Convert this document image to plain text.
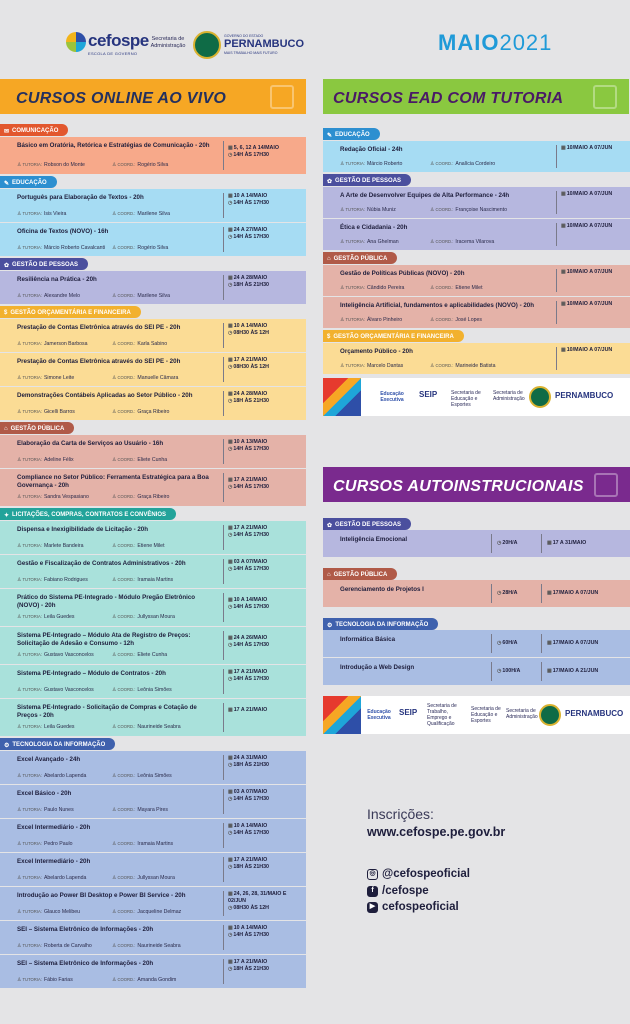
cefospe
ESCOLA DE GOVERNO
Secretaria de Administração
GOVERNO DO ESTADO
PERNAMBUCO
MAIS TRABALHO MAIS FUTURO	MAIO2021
CURSOS ONLINE AO VIVO	CURSOS EAD COM TUTORIA
CURSOS AUTOINSTRUCIONAIS
✉ COMUNICAÇÃO
Básico em Oratória, Retórica e Estratégias de Comunicação - 20h
♙TUTORIA: Robson do Monte	♙COORD.: Rogério Silva
▦5, 6, 12 A 14/MAIO
◷14H ÀS 17H30
✎ EDUCAÇÃO
Português para Elaboração de Textos - 20h
♙TUTORIA: Isis Vieira	♙COORD.: Marilene Silva
▦10 A 14/MAIO
◷14H ÀS 17H30
Oficina de Textos (NOVO) - 16h
♙TUTORIA: Márcio Roberto Cavalcanti ♙COORD.: Rogério Silva
▦24 A 27/MAIO
◷14H ÀS 17H30
✿ GESTÃO DE PESSOAS
Resiliência na Prática - 20h
♙TUTORIA: Alexandre Melo	♙COORD.: Marilene Silva
▦24 A 28/MAIO
◷18H ÀS 21H30
$ GESTÃO ORÇAMENTÁRIA E FINANCEIRA
Prestação de Contas Eletrônica através do SEI PE - 20h
♙TUTORIA: Jamerson Barbosa	♙COORD.: Karla Sabino
▦10 A 14/MAIO
◷08H30 ÀS 12H
Prestação de Contas Eletrônica através do SEI PE - 20h
♙TUTORIA: Simone Leite	♙COORD.: Manuelle Câmara
▦17 A 21/MAIO
◷08H30 ÀS 12H
Demonstrações Contábeis Aplicadas ao Setor Público - 20h
♙TUTORIA: Gicelli Barros	♙COORD.: Graça Ribeiro
▦24 A 28/MAIO
◷18H ÀS 21H30
⌂ GESTÃO PÚBLICA
Elaboração da Carta de Serviços ao Usuário - 16h
♙TUTORIA: Adeline Félix	♙COORD.: Eliete Cunha
▦10 A 13/MAIO
◷14H ÀS 17H30
Compliance no Setor Público: Ferramenta Estratégica para a Boa Governança - 20h
♙TUTORIA: Sandra Vespasiano	♙COORD.: Graça Ribeiro
▦17 A 21/MAIO
◷14H ÀS 17H30
✦ LICITAÇÕES, COMPRAS, CONTRATOS E CONVÊNIOS
Dispensa e Inexigibilidade de Licitação - 20h
♙TUTORIA: Marlete Bandeira	♙COORD.: Etiene Milet
▦17 A 21/MAIO
◷14H ÀS 17H30
Gestão e Fiscalização de Contratos Administrativos - 20h
♙TUTORIA: Fabiano Rodrigues	♙COORD.: Iramaia Martins
▦03 A 07/MAIO
◷14H ÀS 17H30
Prático do Sistema PE-Integrado - Módulo Pregão Eletrônico (NOVO) - 20h
♙TUTORIA: Leila Guedes	♙COORD.: Jullyssan Moura
▦10 A 14/MAIO
◷14H ÀS 17H30
Sistema PE-Integrado – Módulo Ata de Registro de Preços: Solicitação de Adesão e Consumo - 12h
♙TUTORIA: Gustavo Vasconcelos	♙COORD.: Eliete Cunha
▦24 A 26/MAIO
◷14H ÀS 17H30
Sistema PE-Integrado – Módulo de Contratos - 20h
♙TUTORIA: Gustavo Vasconcelos	♙COORD.: Leônia Simões
▦17 A 21/MAIO
◷14H ÀS 17H30
Sistema PE-Integrado - Solicitação de Compras e Cotação de Preços - 20h
♙TUTORIA: Leila Guedes	♙COORD.: Naurineide Seabra
▦17 A 21/MAIO
⚙ TECNOLOGIA DA INFORMAÇÃO
Excel Avançado - 24h
♙TUTORIA: Abelardo Lapenda	♙COORD.: Leônia Simões
▦24 A 31/MAIO
◷18H ÀS 21H30
Excel Básico - 20h
♙TUTORIA: Paulo Nunes	♙COORD.: Mayara Pires
▦03 A 07/MAIO
◷14H ÀS 17H30
Excel Intermediário - 20h
♙TUTORIA: Pedro Paulo	♙COORD.: Iramaia Martins
▦10 A 14/MAIO
◷14H ÀS 17H30
Excel Intermediário - 20h
♙TUTORIA: Abelardo Lapenda	♙COORD.: Jullyssan Moura
▦17 A 21/MAIO
◷18H ÀS 21H30
Introdução ao Power BI Desktop e Power BI Service - 20h
♙TUTORIA: Glauco Melibeu	♙COORD.: Jacqueline Delmaz
▦24, 26, 28, 31/MAIO E 02/JUN
◷08H30 ÀS 12H
SEI – Sistema Eletrônico de Informações - 20h
♙TUTORIA: Roberta de Carvalho	♙COORD.: Naurineide Seabra
▦10 A 14/MAIO
◷14H ÀS 17H30
SEI – Sistema Eletrônico de Informações - 20h
♙TUTORIA: Fábio Farias	♙COORD.: Amanda Gondim
▦17 A 21/MAIO
◷18H ÀS 21H30
✎ EDUCAÇÃO
Redação Oficial - 24h
♙TUTORIA: Márcio Roberto	♙COORD.: Analícia Cordeiro
▦10/MAIO A 07/JUN
✿ GESTÃO DE PESSOAS
A Arte de Desenvolver Equipes de Alta Performance - 24h
♙TUTORIA: Núbia Muniz	♙COORD.: Françoise Nascimento
▦10/MAIO A 07/JUN
Ética e Cidadania - 20h
♙TUTORIA: Ana Ghelman	♙COORD.: Iracema Vilarova
▦10/MAIO A 07/JUN
⌂ GESTÃO PÚBLICA
Gestão de Políticas Públicas (NOVO) - 20h
♙TUTORIA: Cândido Pereira	♙COORD.: Etiene Milet
▦10/MAIO A 07/JUN
Inteligência Artificial, fundamentos e aplicabilidades (NOVO) - 20h
♙TUTORIA: Álvaro Pinheiro	♙COORD.: José Lopes
▦10/MAIO A 07/JUN
$ GESTÃO ORÇAMENTÁRIA E FINANCEIRA
Orçamento Público - 20h
♙TUTORIA: Marcelo Dantas	♙COORD.: Marineide Batista
▦10/MAIO A 07/JUN
Educação Executiva
SEIP	Secretaria de Educação e Esportes
Secretaria de Administração	PERNAMBUCO
✿ GESTÃO DE PESSOAS
Inteligência Emocional	◷20H/A	▦17 A 31/MAIO
⌂ GESTÃO PÚBLICA
Gerenciamento de Projetos I	◷28H/A	▦17/MAIO A 07/JUN
⚙ TECNOLOGIA DA INFORMAÇÃO
Informática Básica	◷60H/A	▦17/MAIO A 07/JUN
Introdução a Web Design	◷100H/A	▦17/MAIO A 21/JUN
Educação Executiva
SEIP
Secretaria de Trabalho, Emprego e Qualificação
Secretaria de Educação e Esportes
Secretaria de Administração	PERNAMBUCO
Inscrições:
www.cefospe.pe.gov.br
◎ @cefospeoficial
f /cefospe
▶ cefospeoficial
